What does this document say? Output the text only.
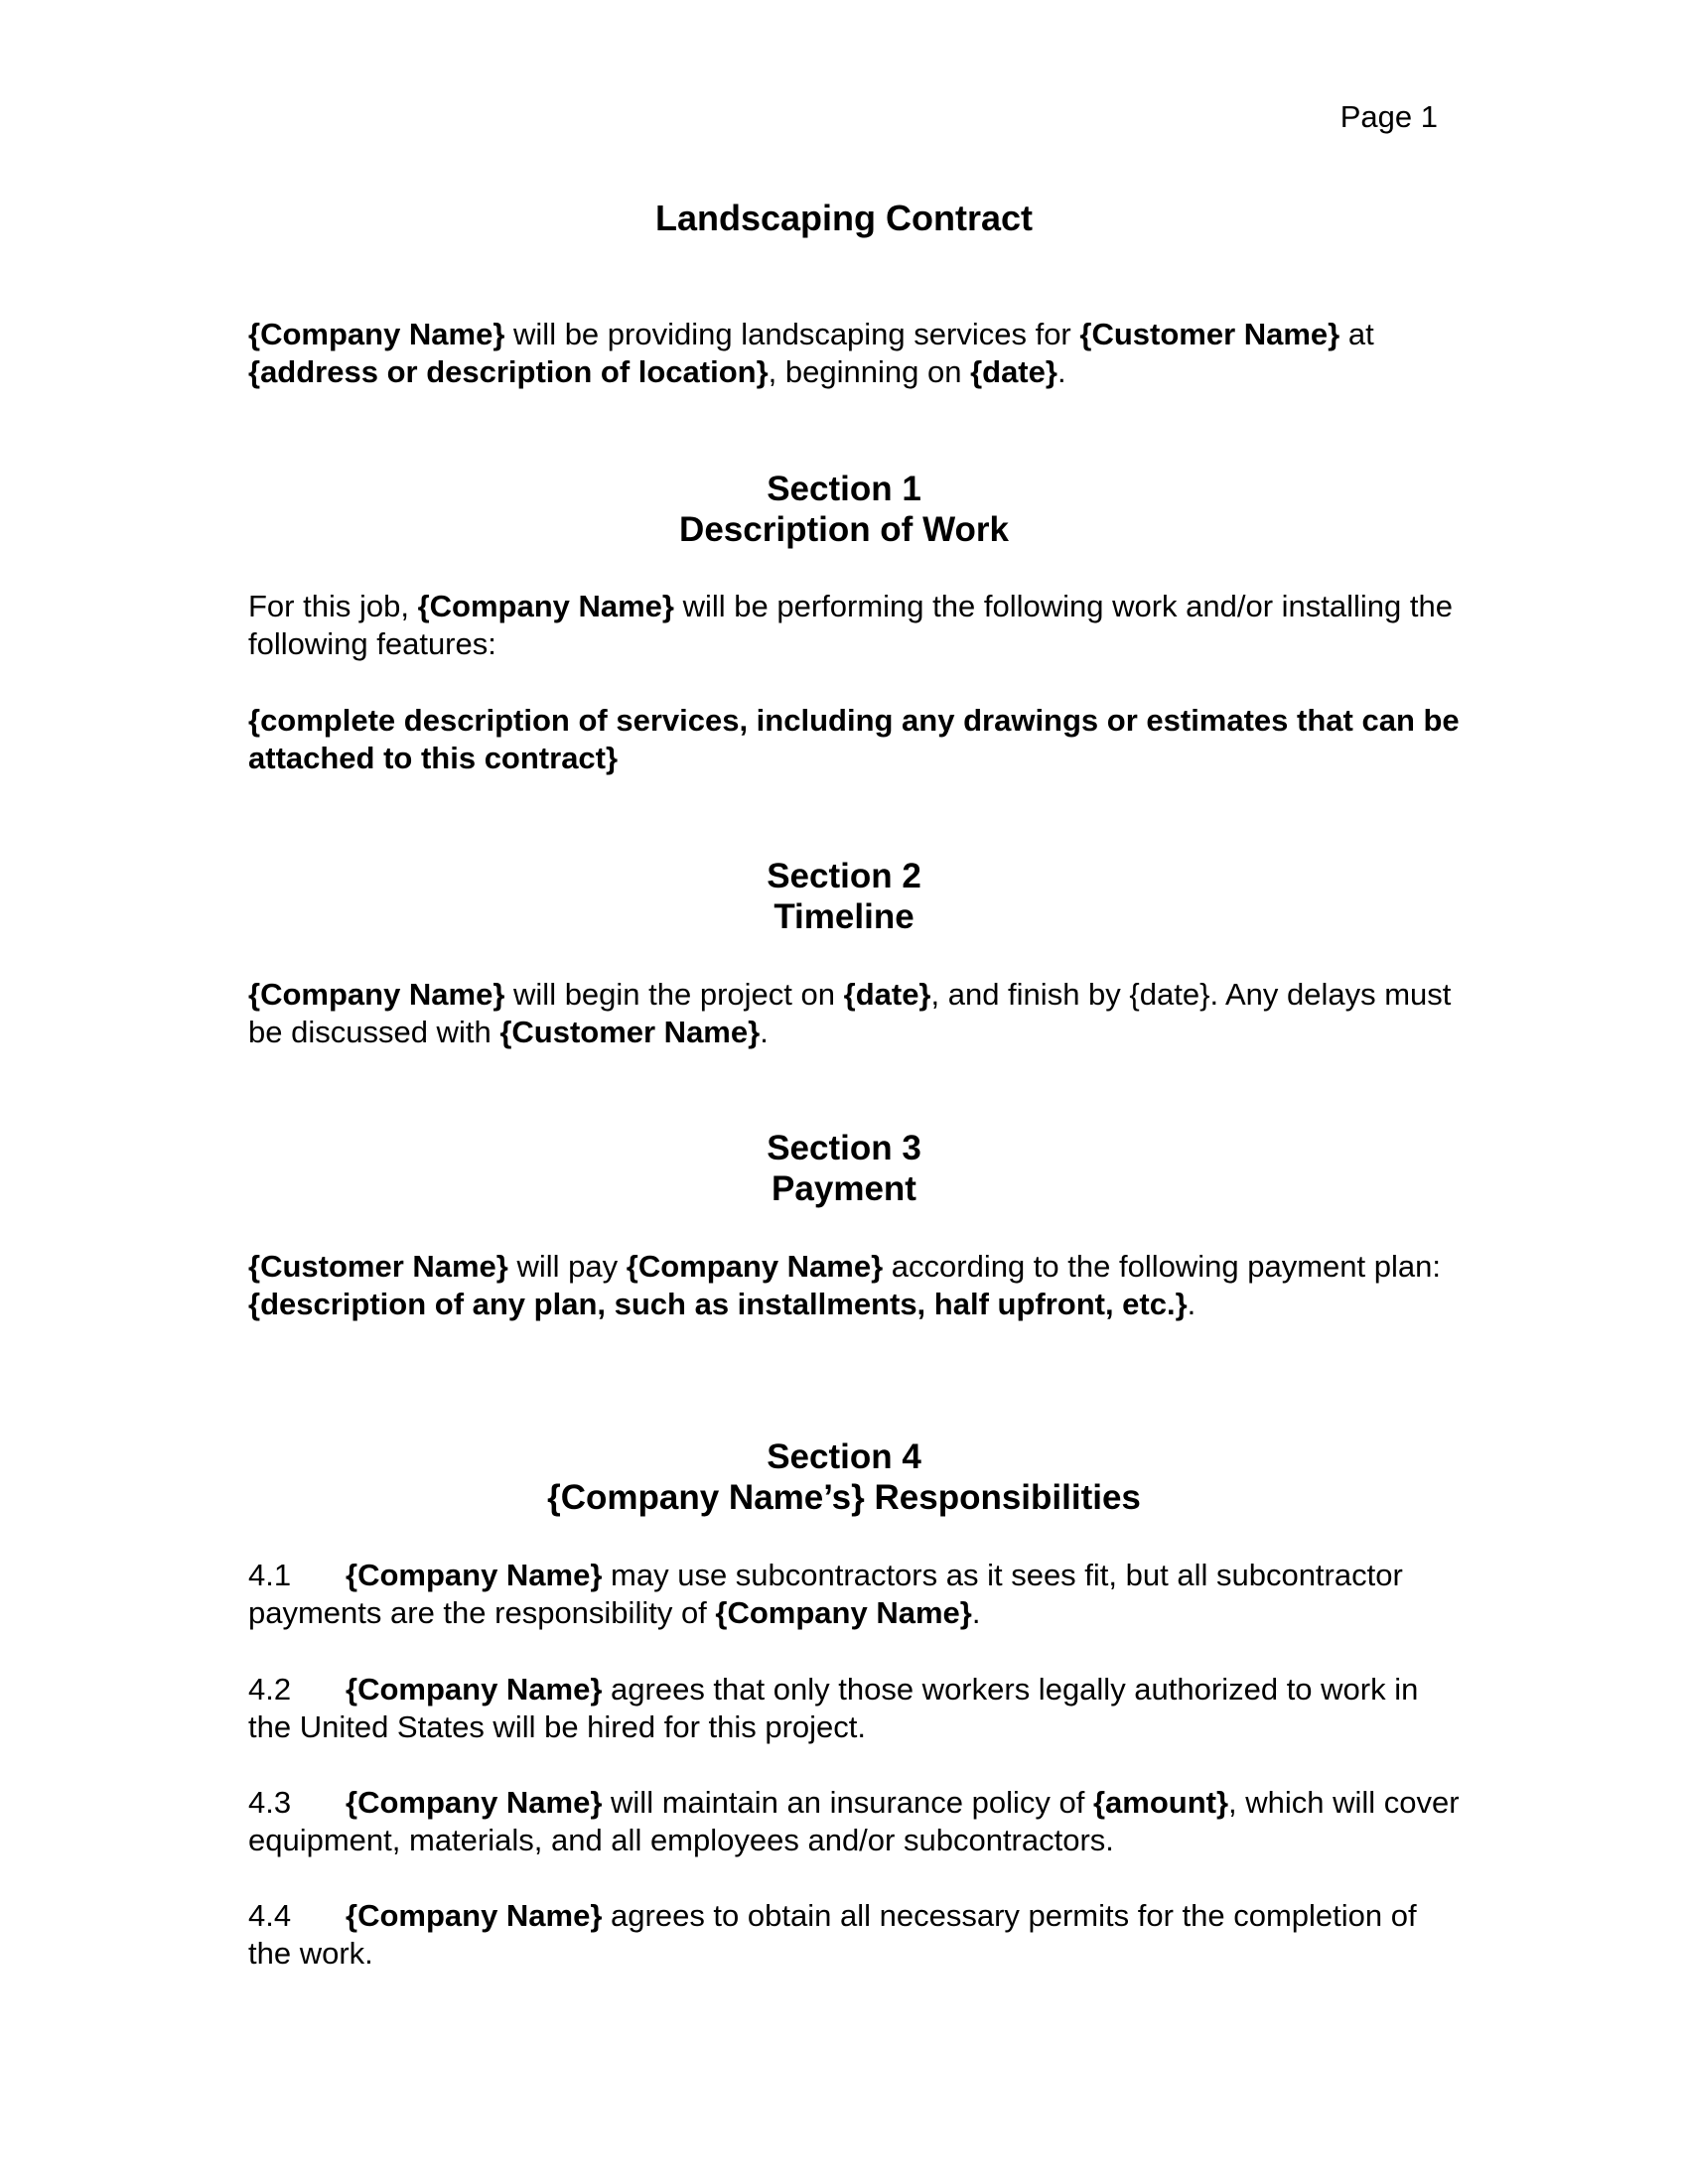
Page 1
Landscaping Contract

{Company Name} will be providing landscaping services for {Customer Name} at {address or description of location}, beginning on {date}.

Section 1
Description of Work

For this job, {Company Name} will be performing the following work and/or installing the following features:

{complete description of services, including any drawings or estimates that can be attached to this contract}

Section 2
Timeline

{Company Name} will begin the project on {date}, and finish by {date}. Any delays must be discussed with {Customer Name}.

Section 3
Payment

{Customer Name} will pay {Company Name} according to the following payment plan: {description of any plan, such as installments, half upfront, etc.}.

Section 4
{Company Name’s} Responsibilities

4.1 {Company Name} may use subcontractors as it sees fit, but all subcontractor payments are the responsibility of {Company Name}.

4.2 {Company Name} agrees that only those workers legally authorized to work in the United States will be hired for this project.

4.3 {Company Name} will maintain an insurance policy of {amount}, which will cover equipment, materials, and all employees and/or subcontractors.

4.4 {Company Name} agrees to obtain all necessary permits for the completion of the work.
